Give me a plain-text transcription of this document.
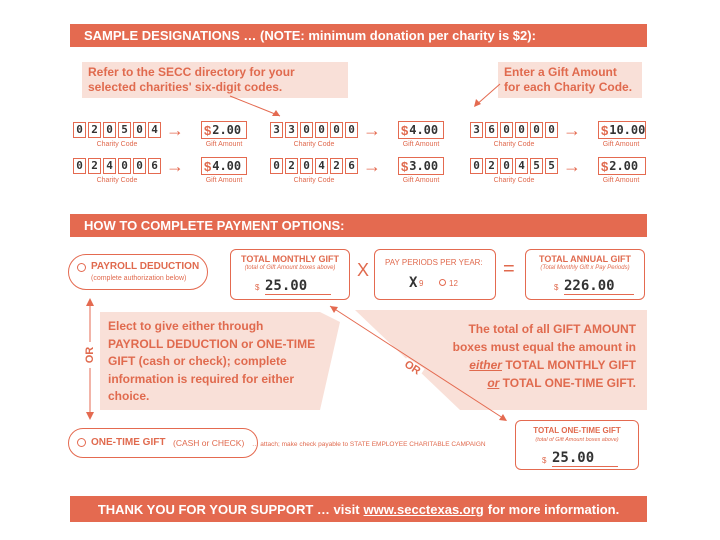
SAMPLE DESIGNATIONS … (NOTE: minimum donation per charity is $2):
Refer to the SECC directory for your selected charities' six-digit codes.
Enter a Gift Amount for each Charity Code.
0 2 0 5 0 4
Charity Code
→ $ 2.00
Gift Amount
3 3 0 0 0 0
Charity Code
→ $ 4.00
Gift Amount
3 6 0 0 0 0
Charity Code
→ $ 10.00
Gift Amount
0 2 4 0 0 6
Charity Code
→ $ 4.00
Gift Amount
0 2 0 4 2 6
Charity Code
→ $ 3.00
Gift Amount
0 2 0 4 5 5
Charity Code
→ $ 2.00
Gift Amount
HOW TO COMPLETE PAYMENT OPTIONS:
PAYROLL DEDUCTION
(complete authorization below)
TOTAL MONTHLY GIFT
(total of Gift Amount boxes above)
$ 25.00
X PAY PERIODS PER YEAR:
X 9	12
=	TOTAL ANNUAL GIFT
(Total Monthly Gift x Pay Periods)
$ 226.00
OR
OR
Elect to give either through PAYROLL DEDUCTION or ONE-TIME GIFT (cash or check); complete information is required for either choice.
The total of all GIFT AMOUNT
boxes must equal the amount in
either TOTAL MONTHLY GIFT
or TOTAL ONE-TIME GIFT.
ONE-TIME GIFT (CASH or CHECK) … attach; make check payable to STATE EMPLOYEE CHARITABLE CAMPAIGN
TOTAL ONE-TIME GIFT
(total of Gift Amount boxes above)
$ 25.00
THANK YOU FOR YOUR SUPPORT … visit www.secctexas.org for more information.
